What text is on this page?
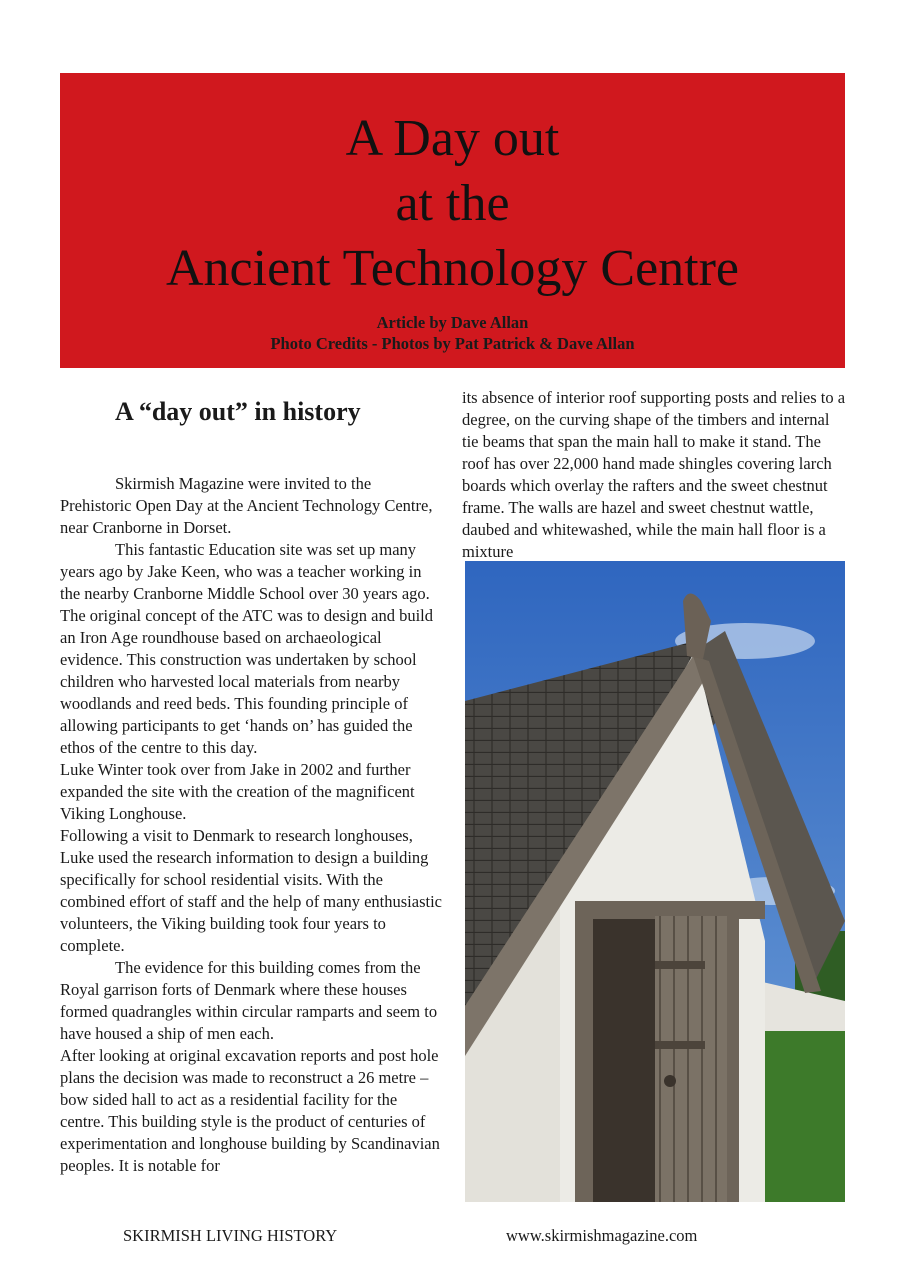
A Day out
at the
Ancient Technology Centre
Article by Dave Allan
Photo Credits - Photos by Pat Patrick & Dave Allan
A “day out” in history

Skirmish Magazine were invited to the Prehistoric Open Day at the Ancient Technology Centre, near Cranborne in Dorset.

This fantastic Education site was set up many years ago by Jake Keen, who was a teacher working in the nearby Cranborne Middle School over 30 years ago. The original concept of the ATC was to design and build an Iron Age roundhouse based on archaeological evidence. This construction was undertaken by school children who harvested local materials from nearby woodlands and reed beds. This founding principle of allowing participants to get ‘hands on’ has guided the ethos of the centre to this day.

Luke Winter took over from Jake in 2002 and further expanded the site with the creation of the magnificent Viking Longhouse.

Following a visit to Denmark to research longhouses, Luke used the research information to design a building specifically for school residential visits. With the combined effort of staff and the help of many enthusiastic volunteers, the Viking building took four years to complete.

The evidence for this building comes from the Royal garrison forts of Denmark where these houses formed quadrangles within circular ramparts and seem to have housed a ship of men each.

After looking at original excavation reports and post hole plans the decision was made to reconstruct a 26 metre – bow sided hall to act as a residential facility for the centre. This building style is the product of centuries of experimentation and longhouse building by Scandinavian peoples. It is notable for

its absence of interior roof supporting posts and relies to a degree, on the curving shape of the timbers and internal tie beams that span the main hall to make it stand. The roof has over 22,000 hand made shingles covering larch boards which overlay the rafters and the sweet chestnut frame. The walls are hazel and sweet chestnut wattle, daubed and whitewashed, while the main hall floor is a mixture

SKIRMISH LIVING HISTORY	www.skirmishmagazine.com
